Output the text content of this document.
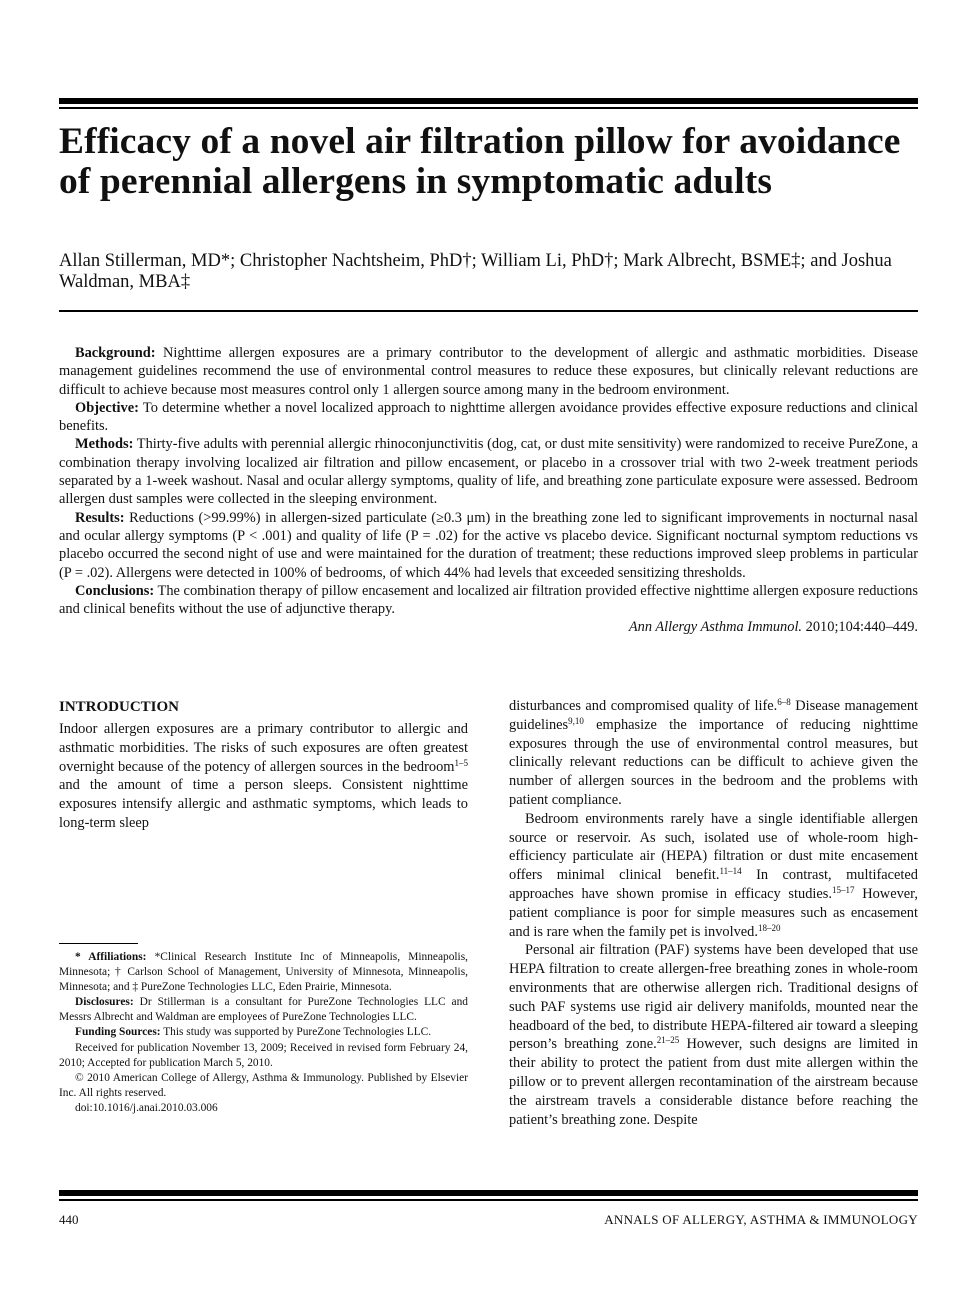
Efficacy of a novel air filtration pillow for avoidance of perennial allergens in symptomatic adults
Allan Stillerman, MD*; Christopher Nachtsheim, PhD†; William Li, PhD†; Mark Albrecht, BSME‡; and Joshua Waldman, MBA‡

Background: Nighttime allergen exposures are a primary contributor to the development of allergic and asthmatic morbidities. Disease management guidelines recommend the use of environmental control measures to reduce these exposures, but clinically relevant reductions are difficult to achieve because most measures control only 1 allergen source among many in the bedroom environment.

Objective: To determine whether a novel localized approach to nighttime allergen avoidance provides effective exposure reductions and clinical benefits.

Methods: Thirty-five adults with perennial allergic rhinoconjunctivitis (dog, cat, or dust mite sensitivity) were randomized to receive PureZone, a combination therapy involving localized air filtration and pillow encasement, or placebo in a crossover trial with two 2-week treatment periods separated by a 1-week washout. Nasal and ocular allergy symptoms, quality of life, and breathing zone particulate exposure were assessed. Bedroom allergen dust samples were collected in the sleeping environment.

Results: Reductions (>99.99%) in allergen-sized particulate (≥0.3 μm) in the breathing zone led to significant improvements in nocturnal nasal and ocular allergy symptoms (P < .001) and quality of life (P = .02) for the active vs placebo device. Significant nocturnal symptom reductions vs placebo occurred the second night of use and were maintained for the duration of treatment; these reductions improved sleep problems in particular (P = .02). Allergens were detected in 100% of bedrooms, of which 44% had levels that exceeded sensitizing thresholds.

Conclusions: The combination therapy of pillow encasement and localized air filtration provided effective nighttime allergen exposure reductions and clinical benefits without the use of adjunctive therapy.

Ann Allergy Asthma Immunol. 2010;104:440–449.
INTRODUCTION

Indoor allergen exposures are a primary contributor to allergic and asthmatic morbidities. The risks of such exposures are often greatest overnight because of the potency of allergen sources in the bedroom$^{1-5}$ and the amount of time a person sleeps. Consistent nighttime exposures intensify allergic and asthmatic symptoms, which leads to long-term sleep

disturbances and compromised quality of life.$^{6-8}$ Disease management guidelines$^{9,10}$ emphasize the importance of reducing nighttime exposures through the use of environmental control measures, but clinically relevant reductions can be difficult to achieve given the number of allergen sources in the bedroom and the problems with patient compliance.

Bedroom environments rarely have a single identifiable allergen source or reservoir. As such, isolated use of whole-room high-efficiency particulate air (HEPA) filtration or dust mite encasement offers minimal clinical benefit.$^{11-14}$ In contrast, multifaceted approaches have shown promise in efficacy studies.$^{15-17}$ However, patient compliance is poor for simple measures such as encasement and is rare when the family pet is involved.$^{18-20}$

Personal air filtration (PAF) systems have been developed that use HEPA filtration to create allergen-free breathing zones in whole-room environments that are otherwise allergen rich. Traditional designs of such PAF systems use rigid air delivery manifolds, mounted near the headboard of the bed, to distribute HEPA-filtered air toward a sleeping person’s breathing zone.$^{21-25}$ However, such designs are limited in their ability to protect the patient from dust mite allergen within the pillow or to prevent allergen recontamination of the airstream because the airstream travels a considerable distance before reaching the patient’s breathing zone. Despite

* Affiliations: *Clinical Research Institute Inc of Minneapolis, Minneapolis, Minnesota; † Carlson School of Management, University of Minnesota, Minneapolis, Minnesota; and ‡ PureZone Technologies LLC, Eden Prairie, Minnesota.

Disclosures: Dr Stillerman is a consultant for PureZone Technologies LLC and Messrs Albrecht and Waldman are employees of PureZone Technologies LLC.

Funding Sources: This study was supported by PureZone Technologies LLC.

Received for publication November 13, 2009; Received in revised form February 24, 2010; Accepted for publication March 5, 2010.

© 2010 American College of Allergy, Asthma & Immunology. Published by Elsevier Inc. All rights reserved.

doi:10.1016/j.anai.2010.03.006

440	ANNALS OF ALLERGY, ASTHMA & IMMUNOLOGY
